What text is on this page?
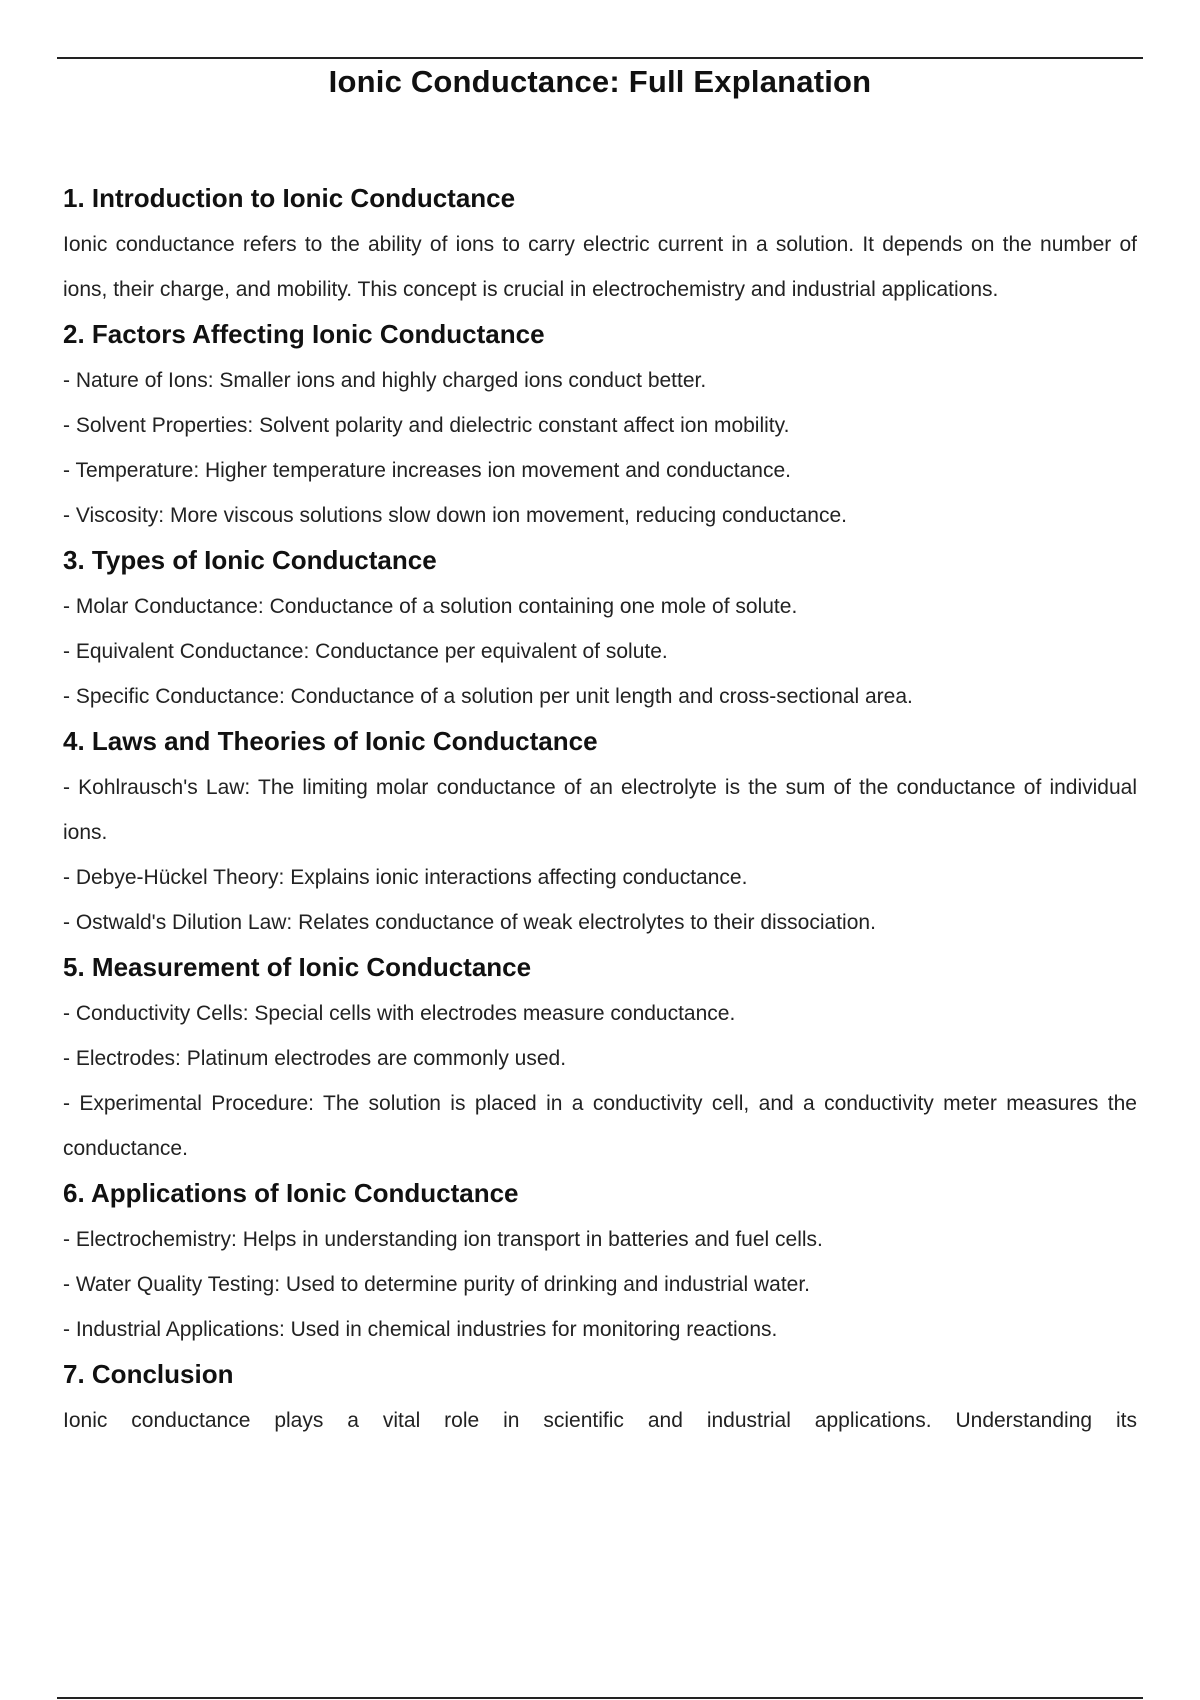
Ionic Conductance: Full Explanation
1. Introduction to Ionic Conductance

Ionic conductance refers to the ability of ions to carry electric current in a solution. It depends on the number of ions, their charge, and mobility. This concept is crucial in electrochemistry and industrial applications.

2. Factors Affecting Ionic Conductance
- Nature of Ions: Smaller ions and highly charged ions conduct better.
- Solvent Properties: Solvent polarity and dielectric constant affect ion mobility.
- Temperature: Higher temperature increases ion movement and conductance.
- Viscosity: More viscous solutions slow down ion movement, reducing conductance.
3. Types of Ionic Conductance
- Molar Conductance: Conductance of a solution containing one mole of solute.
- Equivalent Conductance: Conductance per equivalent of solute.
- Specific Conductance: Conductance of a solution per unit length and cross-sectional area.
4. Laws and Theories of Ionic Conductance
- Kohlrausch's Law: The limiting molar conductance of an electrolyte is the sum of the conductance of individual ions.
- Debye-Hückel Theory: Explains ionic interactions affecting conductance.
- Ostwald's Dilution Law: Relates conductance of weak electrolytes to their dissociation.
5. Measurement of Ionic Conductance
- Conductivity Cells: Special cells with electrodes measure conductance.
- Electrodes: Platinum electrodes are commonly used.
- Experimental Procedure: The solution is placed in a conductivity cell, and a conductivity meter measures the conductance.
6. Applications of Ionic Conductance
- Electrochemistry: Helps in understanding ion transport in batteries and fuel cells.
- Water Quality Testing: Used to determine purity of drinking and industrial water.
- Industrial Applications: Used in chemical industries for monitoring reactions.
7. Conclusion

Ionic conductance plays a vital role in scientific and industrial applications. Understanding its
